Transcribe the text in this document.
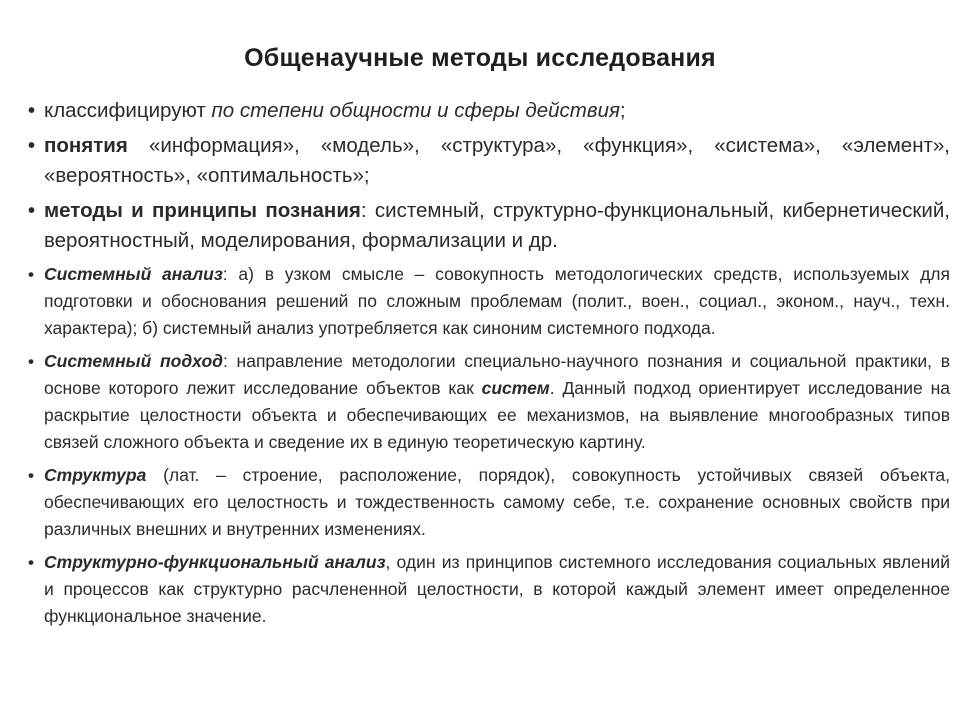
Общенаучные методы исследования
• классифицируют по степени общности и сферы действия;
• понятия «информация», «модель», «структура», «функция», «система», «элемент», «вероятность», «оптимальность»;
• методы и принципы познания: системный, структурно-функциональный, кибернетический, вероятностный, моделирования, формализации и др.
• Системный анализ: а) в узком смысле – совокупность методологических средств, используемых для подготовки и обоснования решений по сложным проблемам (полит., воен., социал., эконом., науч., техн. характера); б) системный анализ употребляется как синоним системного подхода.
• Системный подход: направление методологии специально-научного познания и социальной практики, в основе которого лежит исследование объектов как систем. Данный подход ориентирует исследование на раскрытие целостности объекта и обеспечивающих ее механизмов, на выявление многообразных типов связей сложного объекта и сведение их в единую теоретическую картину.
• Структура (лат. – строение, расположение, порядок), совокупность устойчивых связей объекта, обеспечивающих его целостность и тождественность самому себе, т.е. сохранение основных свойств при различных внешних и внутренних изменениях.
• Структурно-функциональный анализ, один из принципов системного исследования социальных явлений и процессов как структурно расчлененной целостности, в которой каждый элемент имеет определенное функциональное значение.
